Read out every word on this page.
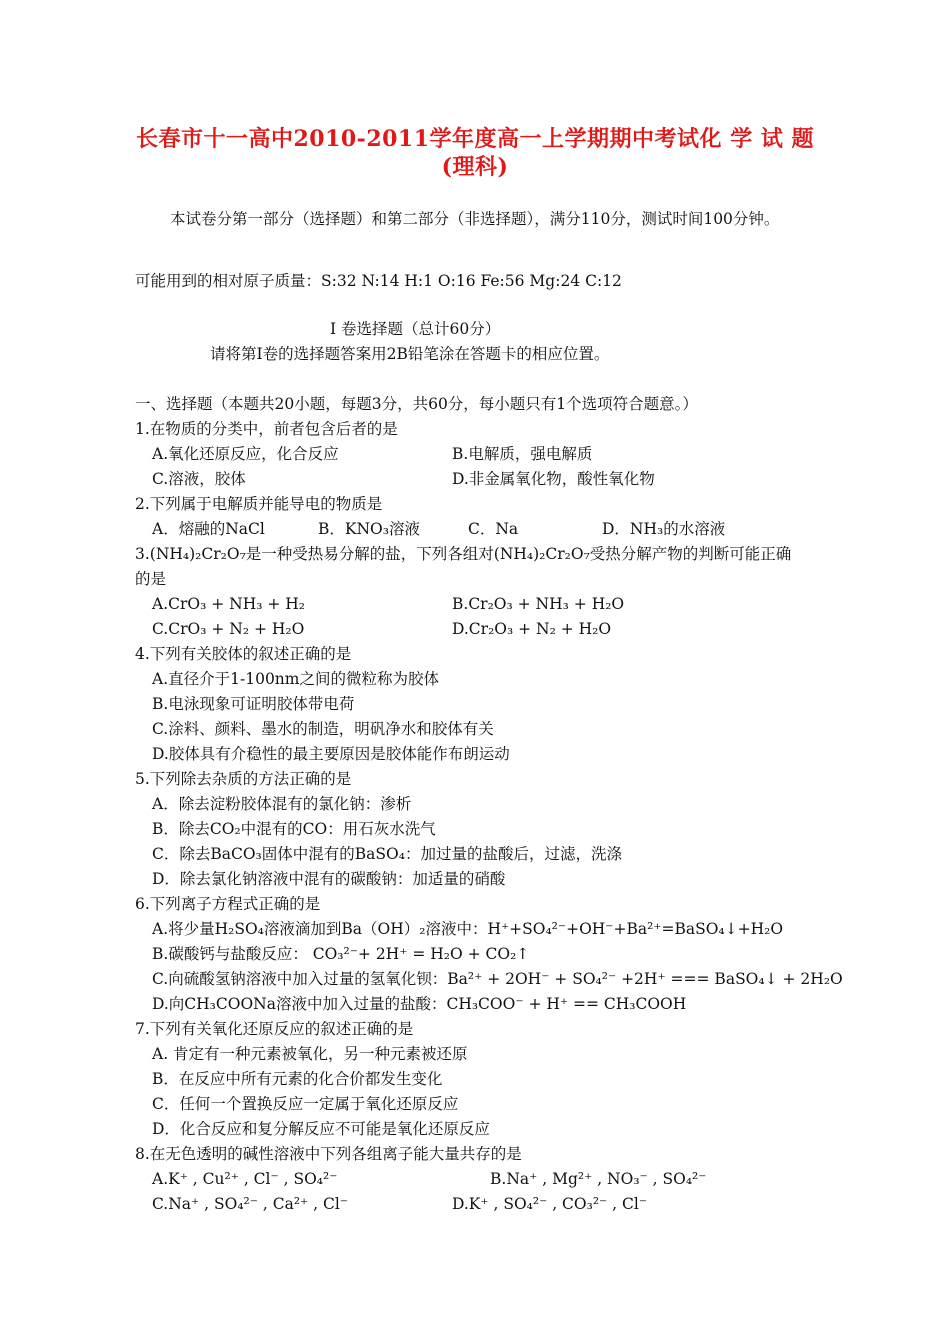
长春市十一高中2010-2011学年度高一上学期期中考试化 学 试 题
(理科)
本试卷分第一部分（选择题）和第二部分（非选择题），满分110分，测试时间100分钟。
可能用到的相对原子质量：S:32 N:14 H:1 O:16 Fe:56 Mg:24 C:12
Ⅰ 卷选择题（总计60分）
请将第Ⅰ卷的选择题答案用2B铅笔涂在答题卡的相应位置。
一、选择题（本题共20小题，每题3分，共60分，每小题只有1个选项符合题意。）
1.在物质的分类中，前者包含后者的是
A.氧化还原反应，化合反应	B.电解质，强电解质
C.溶液，胶体	D.非金属氧化物，酸性氧化物
2.下列属于电解质并能导电的物质是
A．熔融的NaCl	B．KNO₃溶液	C．Na	D．NH₃的水溶液
3.(NH₄)₂Cr₂O₇是一种受热易分解的盐，下列各组对(NH₄)₂Cr₂O₇受热分解产物的判断可能正确
的是
A.CrO₃ + NH₃ + H₂	B.Cr₂O₃ + NH₃ + H₂O
C.CrO₃ + N₂ + H₂O	D.Cr₂O₃ + N₂ + H₂O
4.下列有关胶体的叙述正确的是
A.直径介于1-100nm之间的微粒称为胶体
B.电泳现象可证明胶体带电荷
C.涂料、颜料、墨水的制造，明矾净水和胶体有关
D.胶体具有介稳性的最主要原因是胶体能作布朗运动
5.下列除去杂质的方法正确的是
A．除去淀粉胶体混有的氯化钠：渗析
B．除去CO₂中混有的CO：用石灰水洗气
C．除去BaCO₃固体中混有的BaSO₄：加过量的盐酸后，过滤，洗涤
D．除去氯化钠溶液中混有的碳酸钠：加适量的硝酸
6.下列离子方程式正确的是
A.将少量H₂SO₄溶液滴加到Ba（OH）₂溶液中：H⁺+SO₄²⁻+OH⁻+Ba²⁺=BaSO₄↓+H₂O
B.碳酸钙与盐酸反应： CO₃²⁻+ 2H⁺ = H₂O + CO₂↑
C.向硫酸氢钠溶液中加入过量的氢氧化钡：Ba²⁺ + 2OH⁻ + SO₄²⁻ +2H⁺ === BaSO₄↓ + 2H₂O
D.向CH₃COONa溶液中加入过量的盐酸：CH₃COO⁻ + H⁺ == CH₃COOH
7.下列有关氧化还原反应的叙述正确的是
A. 肯定有一种元素被氧化，另一种元素被还原
B．在反应中所有元素的化合价都发生变化
C．任何一个置换反应一定属于氧化还原反应
D．化合反应和复分解反应不可能是氧化还原反应
8.在无色透明的碱性溶液中下列各组离子能大量共存的是
A.K⁺ , Cu²⁺ , Cl⁻ , SO₄²⁻	B.Na⁺ , Mg²⁺ , NO₃⁻ , SO₄²⁻
C.Na⁺ , SO₄²⁻ , Ca²⁺ , Cl⁻	D.K⁺ , SO₄²⁻ , CO₃²⁻ , Cl⁻
